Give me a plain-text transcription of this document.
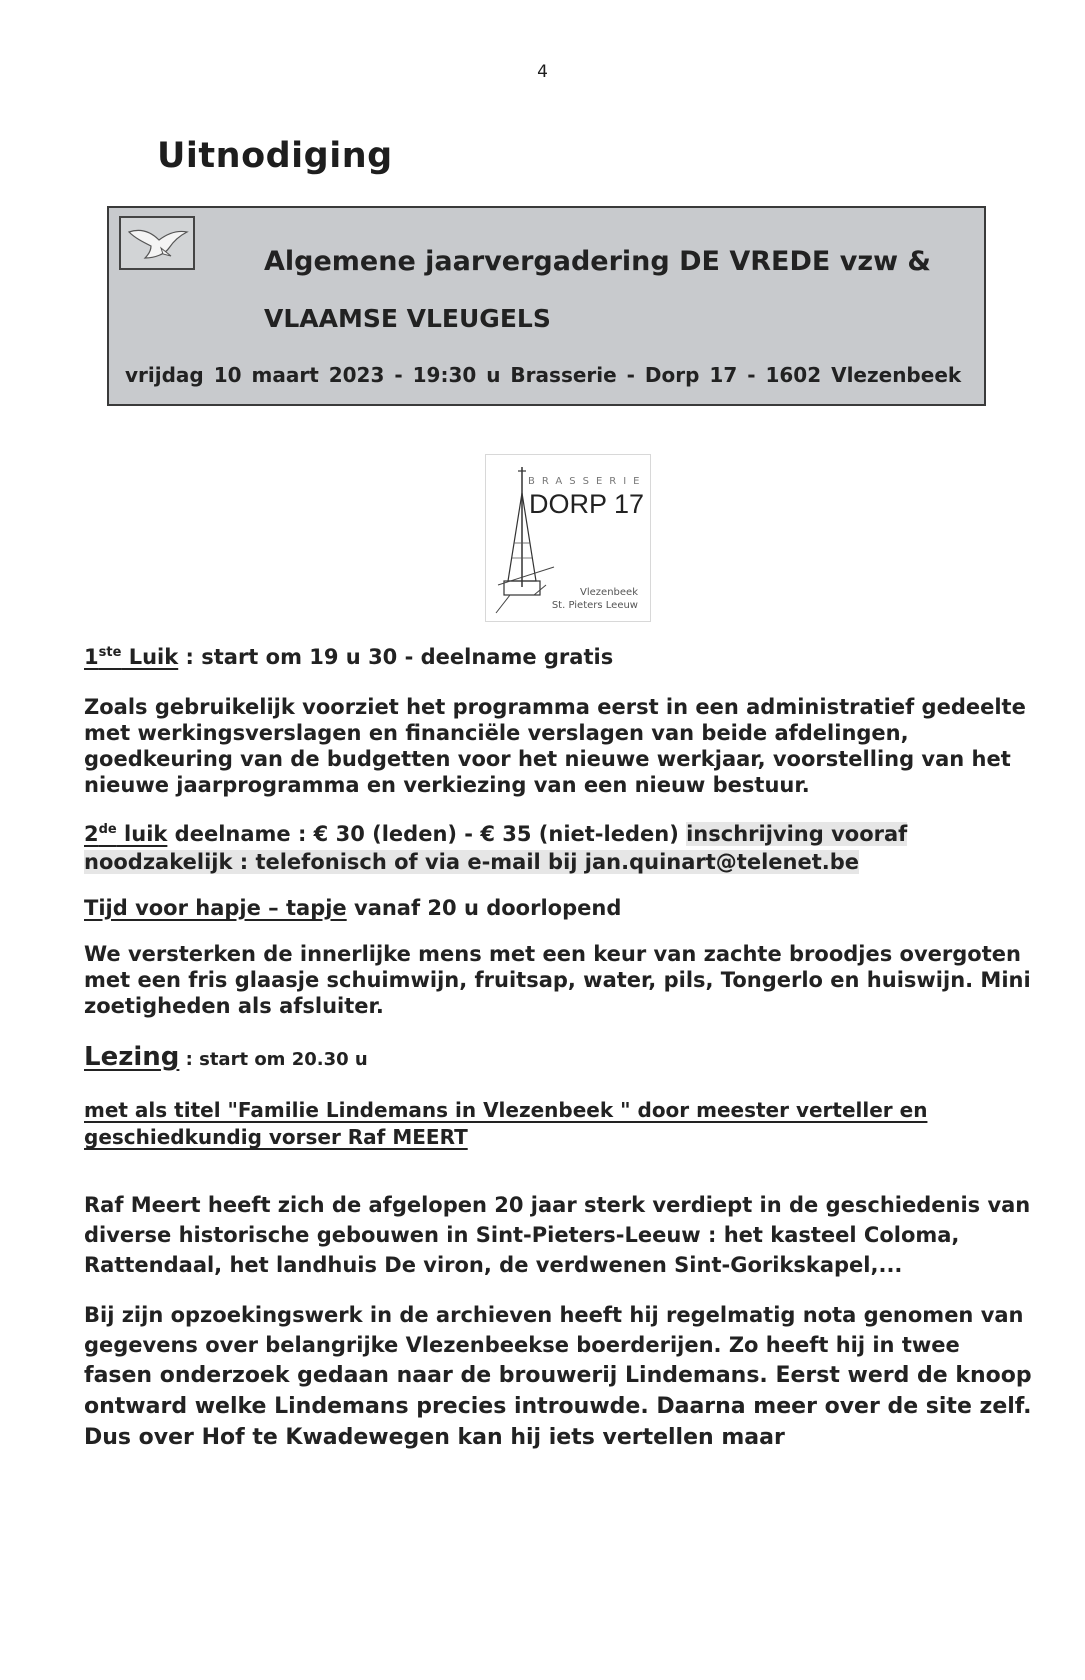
4
Uitnodiging
Algemene jaarvergadering DE VREDE vzw &
VLAAMSE VLEUGELS
vrijdag 10 maart 2023 - 19:30 u Brasserie - Dorp 17 - 1602 Vlezenbeek
BRASSERIE
DORP 17
Vlezenbeek
St. Pieters Leeuw
1ste Luik : start om 19 u 30 - deelname gratis

Zoals gebruikelijk voorziet het programma eerst in een administratief gedeelte met werkingsverslagen en financiële verslagen van beide afdelingen, goedkeuring van de budgetten voor het nieuwe werkjaar, voorstelling van het nieuwe jaarprogramma en verkiezing van een nieuw bestuur.

2de luik deelname : € 30 (leden) - € 35 (niet-leden) inschrijving vooraf
noodzakelijk : telefonisch of via e-mail bij jan.quinart@telenet.be
Tijd voor hapje – tapje vanaf 20 u doorlopend

We versterken de innerlijke mens met een keur van zachte broodjes overgoten met een fris glaasje schuimwijn, fruitsap, water, pils, Tongerlo en huiswijn. Mini zoetigheden als afsluiter.

Lezing : start om 20.30 u
met als titel "Familie Lindemans in Vlezenbeek " door meester verteller en
geschiedkundig vorser Raf MEERT

Raf Meert heeft zich de afgelopen 20 jaar sterk verdiept in de geschiedenis van diverse historische gebouwen in Sint-Pieters-Leeuw : het kasteel Coloma, Rattendaal, het landhuis De viron, de verdwenen Sint-Gorikskapel,...

Bij zijn opzoekingswerk in de archieven heeft hij regelmatig nota genomen van gegevens over belangrijke Vlezenbeekse boerderijen. Zo heeft hij in twee

fasen onderzoek gedaan naar de brouwerij Lindemans. Eerst werd de knoop ontward welke Lindemans precies introuwde. Daarna meer over de site zelf. Dus over Hof te Kwadewegen kan hij iets vertellen maar
